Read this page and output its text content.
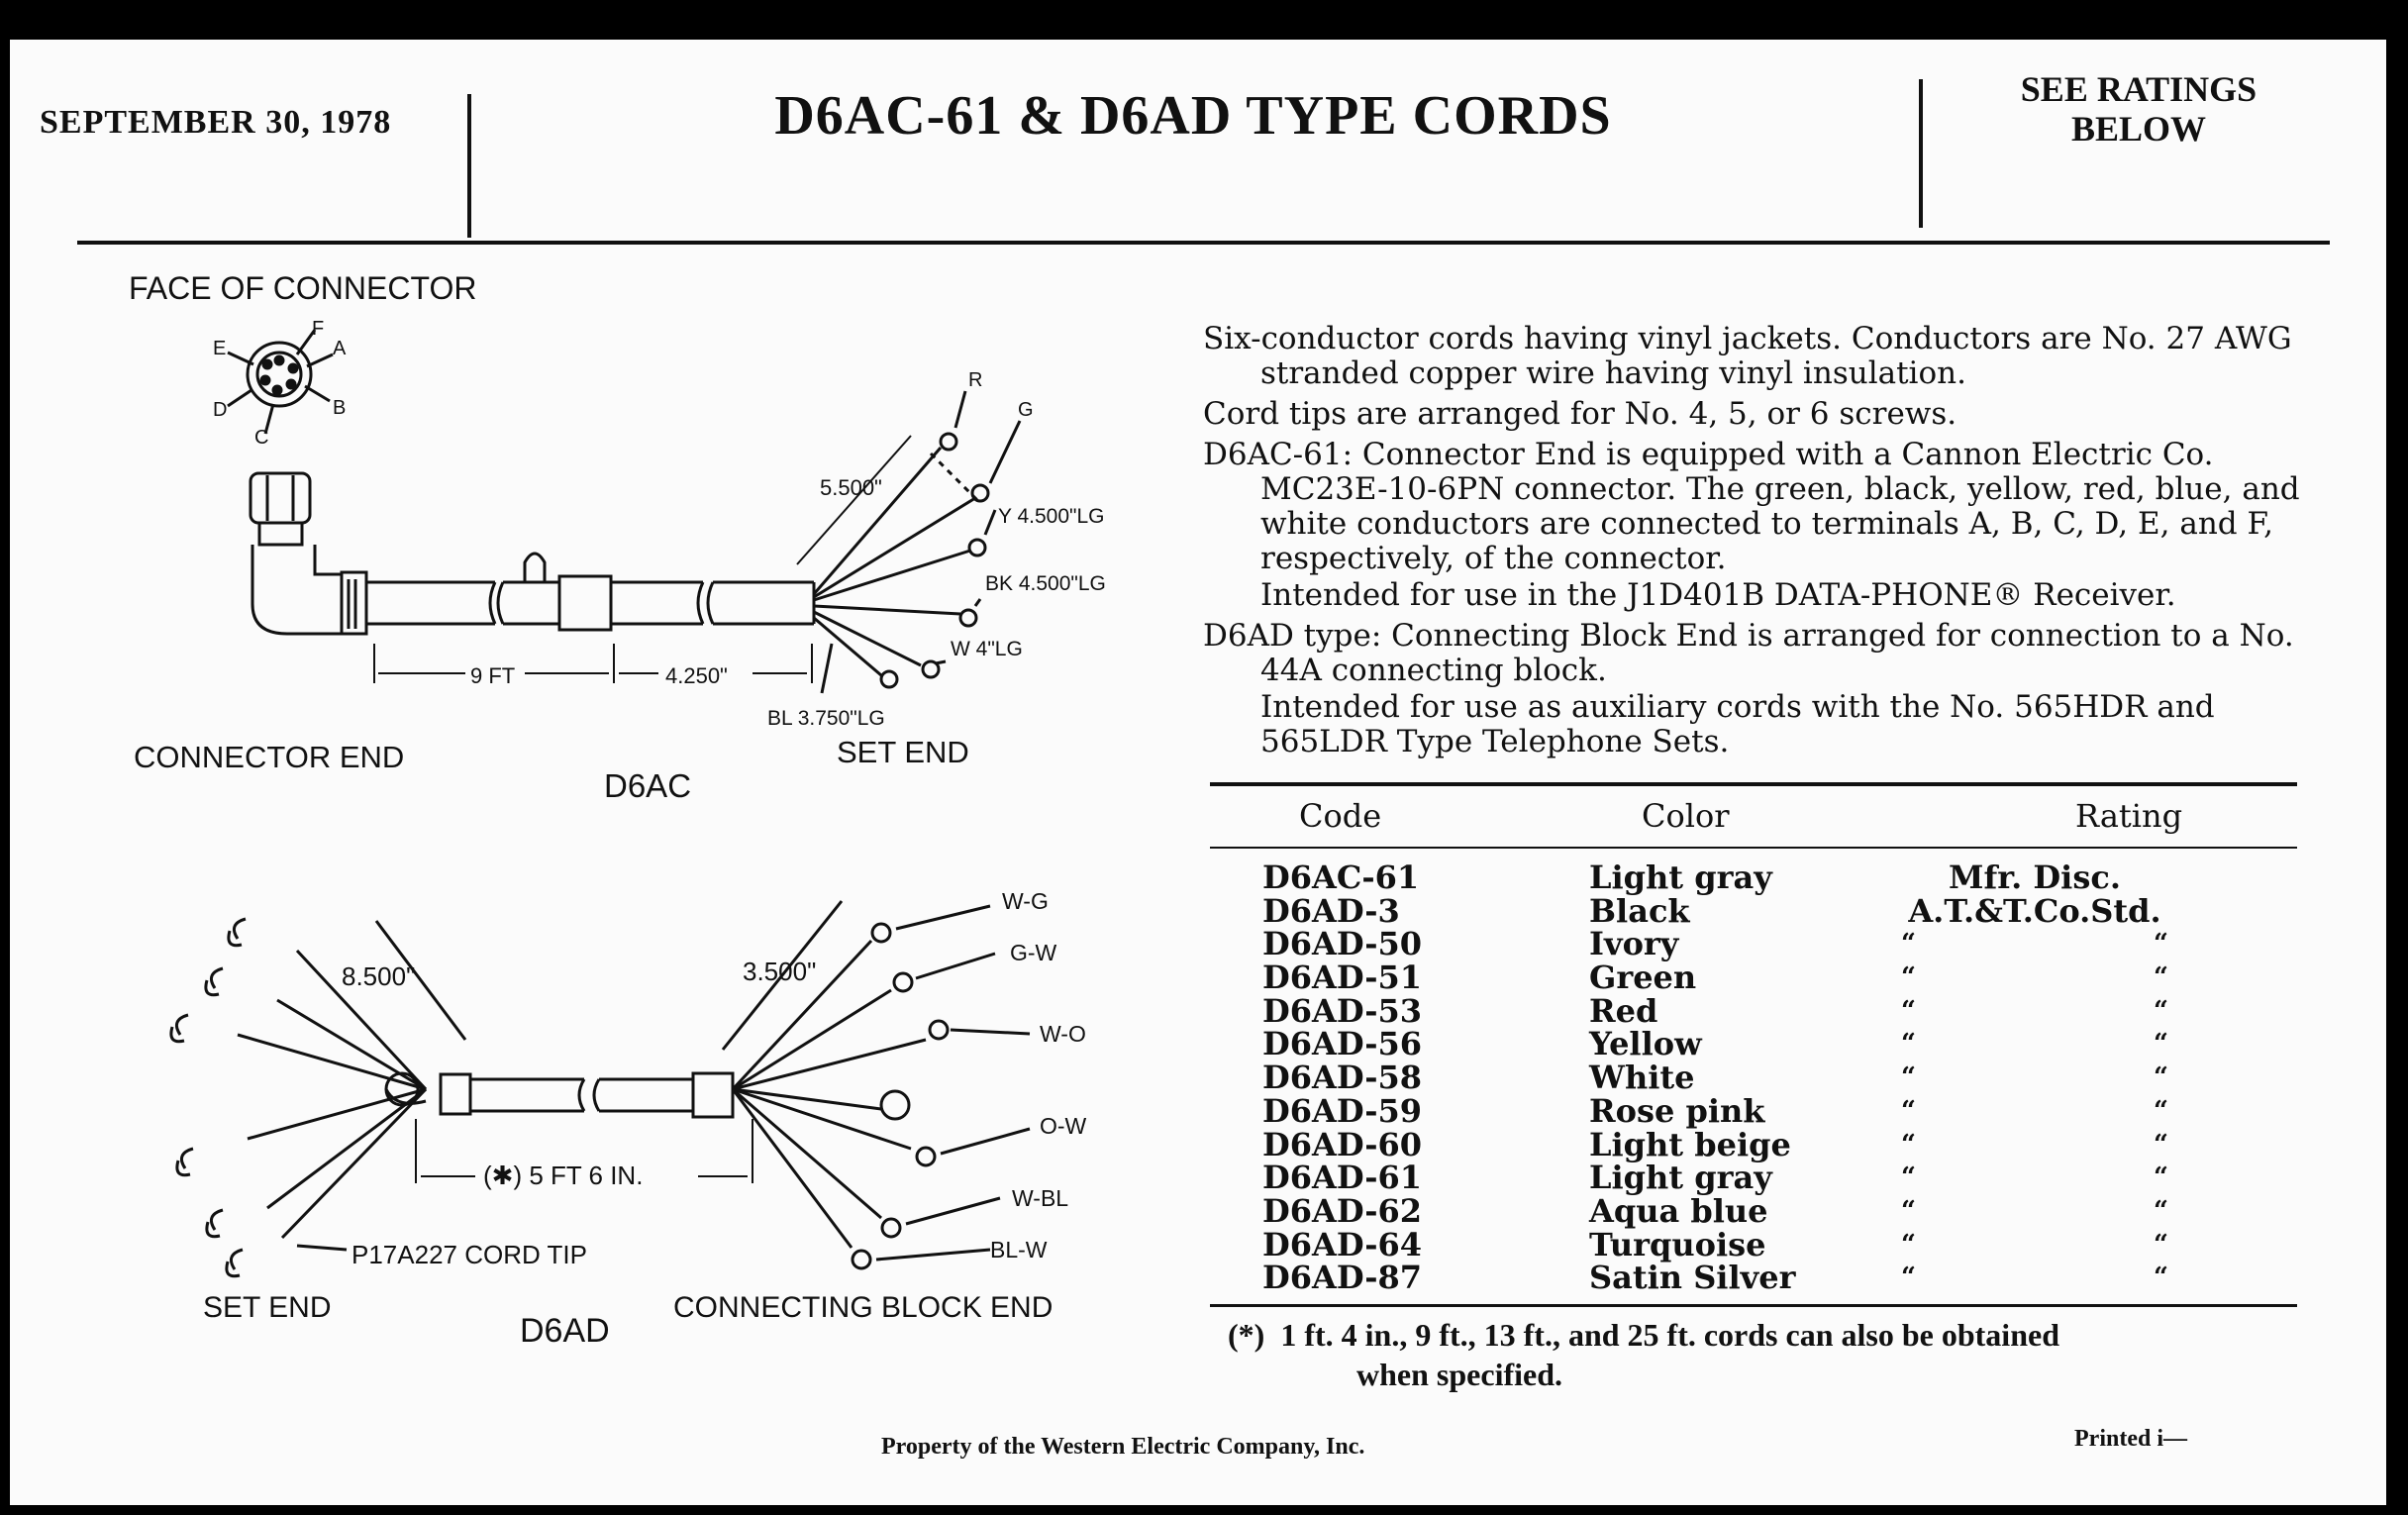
SEPTEMBER 30, 1978	D6AC-61 & D6AD TYPE CORDS	SEE RATINGS
BELOW
FACE OF CONNECTOR
A
B
C
D
E
F
CONNECTOR END	SET END
D6AC
9 FT	4.250"
5.500"
R
G
Y 4.500"LG
BK 4.500"LG
W 4"LG
BL 3.750"LG
8.500"	3.500"
(✱) 5 FT 6 IN.
P17A227 CORD TIP
SET END
D6AD
CONNECTING BLOCK END
W-G
G-W
W-O
O-W
W-BL
BL-W

Six-conductor cords having vinyl jackets. Conductors are No. 27 AWG stranded copper wire having vinyl insulation.

Cord tips are arranged for No. 4, 5, or 6 screws.

D6AC-61: Connector End is equipped with a Cannon Electric Co. MC23E-10-6PN connector. The green, black, yellow, red, blue, and white conductors are connected to terminals A, B, C, D, E, and F, respectively, of the connector.

Intended for use in the J1D401B DATA-PHONE® Receiver.

D6AD type: Connecting Block End is arranged for connection to a No. 44A connecting block.

Intended for use as auxiliary cords with the No. 565HDR and 565LDR Type Telephone Sets.

Code	Color	Rating
D6AC-61	Light gray	Mfr. Disc.
D6AD-3	Black	A.T.&T.Co.Std.
D6AD-50	Ivory	“	“
D6AD-51	Green	“	“
D6AD-53	Red	“	“
D6AD-56	Yellow	“	“
D6AD-58	White	“	“
D6AD-59	Rose pink	“	“
D6AD-60	Light beige	“	“
D6AD-61	Light gray	“	“
D6AD-62	Aqua blue	“	“
D6AD-64	Turquoise	“	“
D6AD-87	Satin Silver	“	“
(*) 1 ft. 4 in., 9 ft., 13 ft., and 25 ft. cords can also be obtained
when specified.
Property of the Western Electric Company, Inc.	Printed i—
